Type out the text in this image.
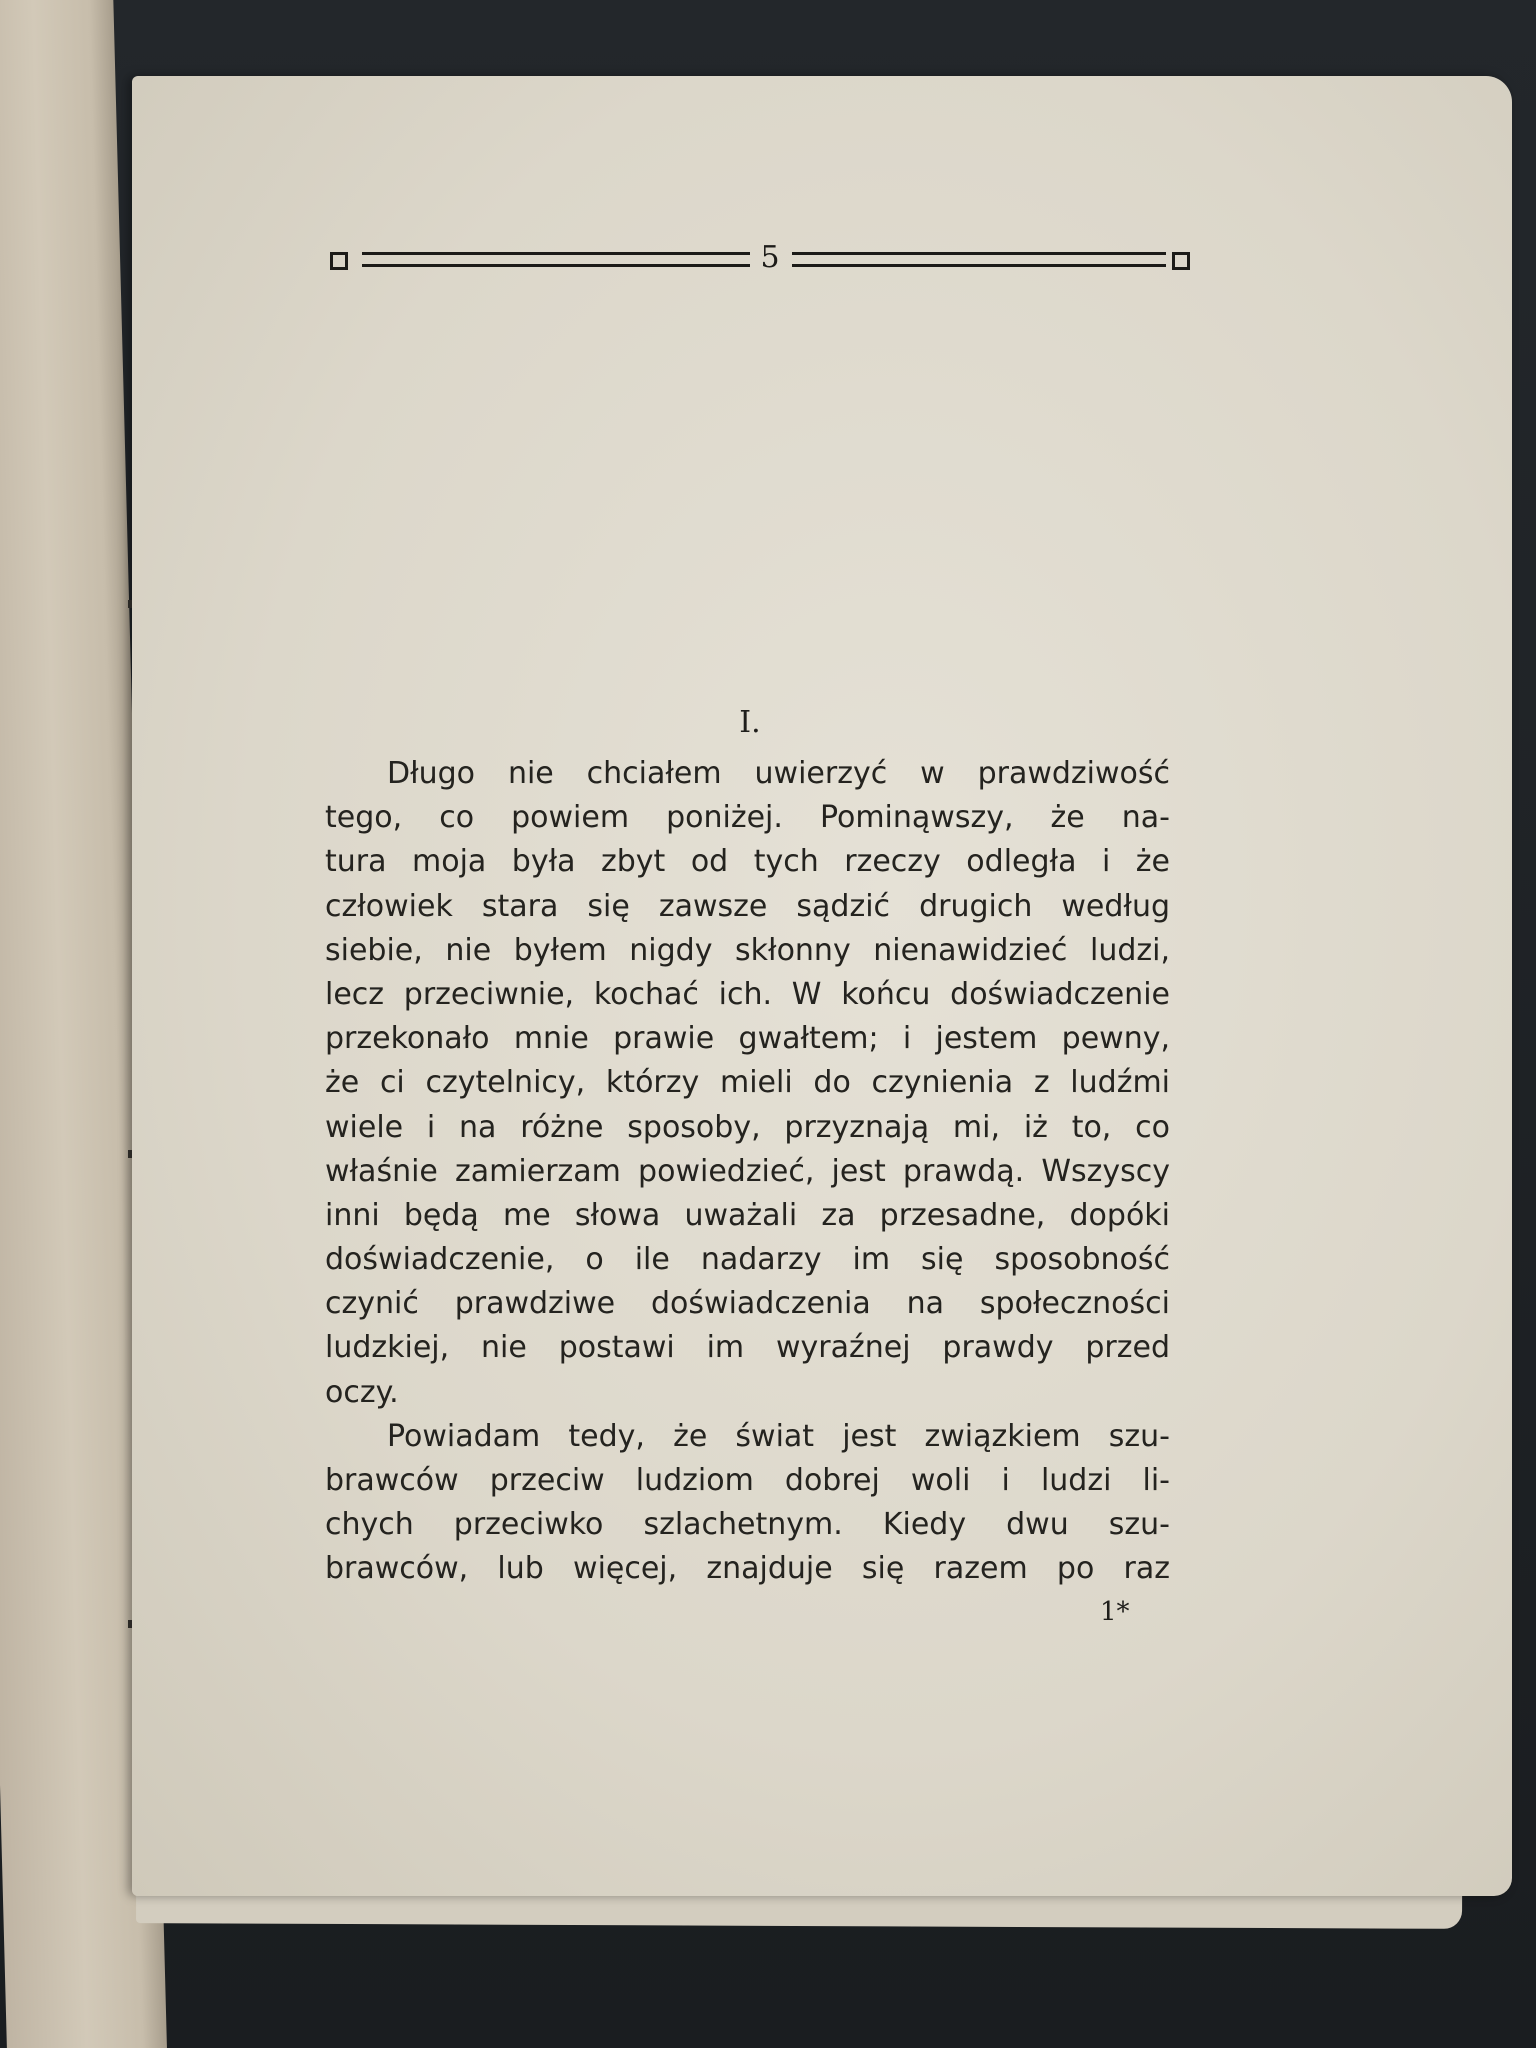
5
I.
Długo nie chciałem uwierzyć w prawdziwość
tego, co powiem poniżej. Pominąwszy, że na-
tura moja była zbyt od tych rzeczy odległa i że
człowiek stara się zawsze sądzić drugich według
siebie, nie byłem nigdy skłonny nienawidzieć ludzi,
lecz przeciwnie, kochać ich. W końcu doświadczenie
przekonało mnie prawie gwałtem; i jestem pewny,
że ci czytelnicy, którzy mieli do czynienia z ludźmi
wiele i na różne sposoby, przyznają mi, iż to, co
właśnie zamierzam powiedzieć, jest prawdą. Wszyscy
inni będą me słowa uważali za przesadne, dopóki
doświadczenie, o ile nadarzy im się sposobność
czynić prawdziwe doświadczenia na społeczności
ludzkiej, nie postawi im wyraźnej prawdy przed
oczy.
Powiadam tedy, że świat jest związkiem szu-
brawców przeciw ludziom dobrej woli i ludzi li-
chych przeciwko szlachetnym. Kiedy dwu szu-
brawców, lub więcej, znajduje się razem po raz
1*
